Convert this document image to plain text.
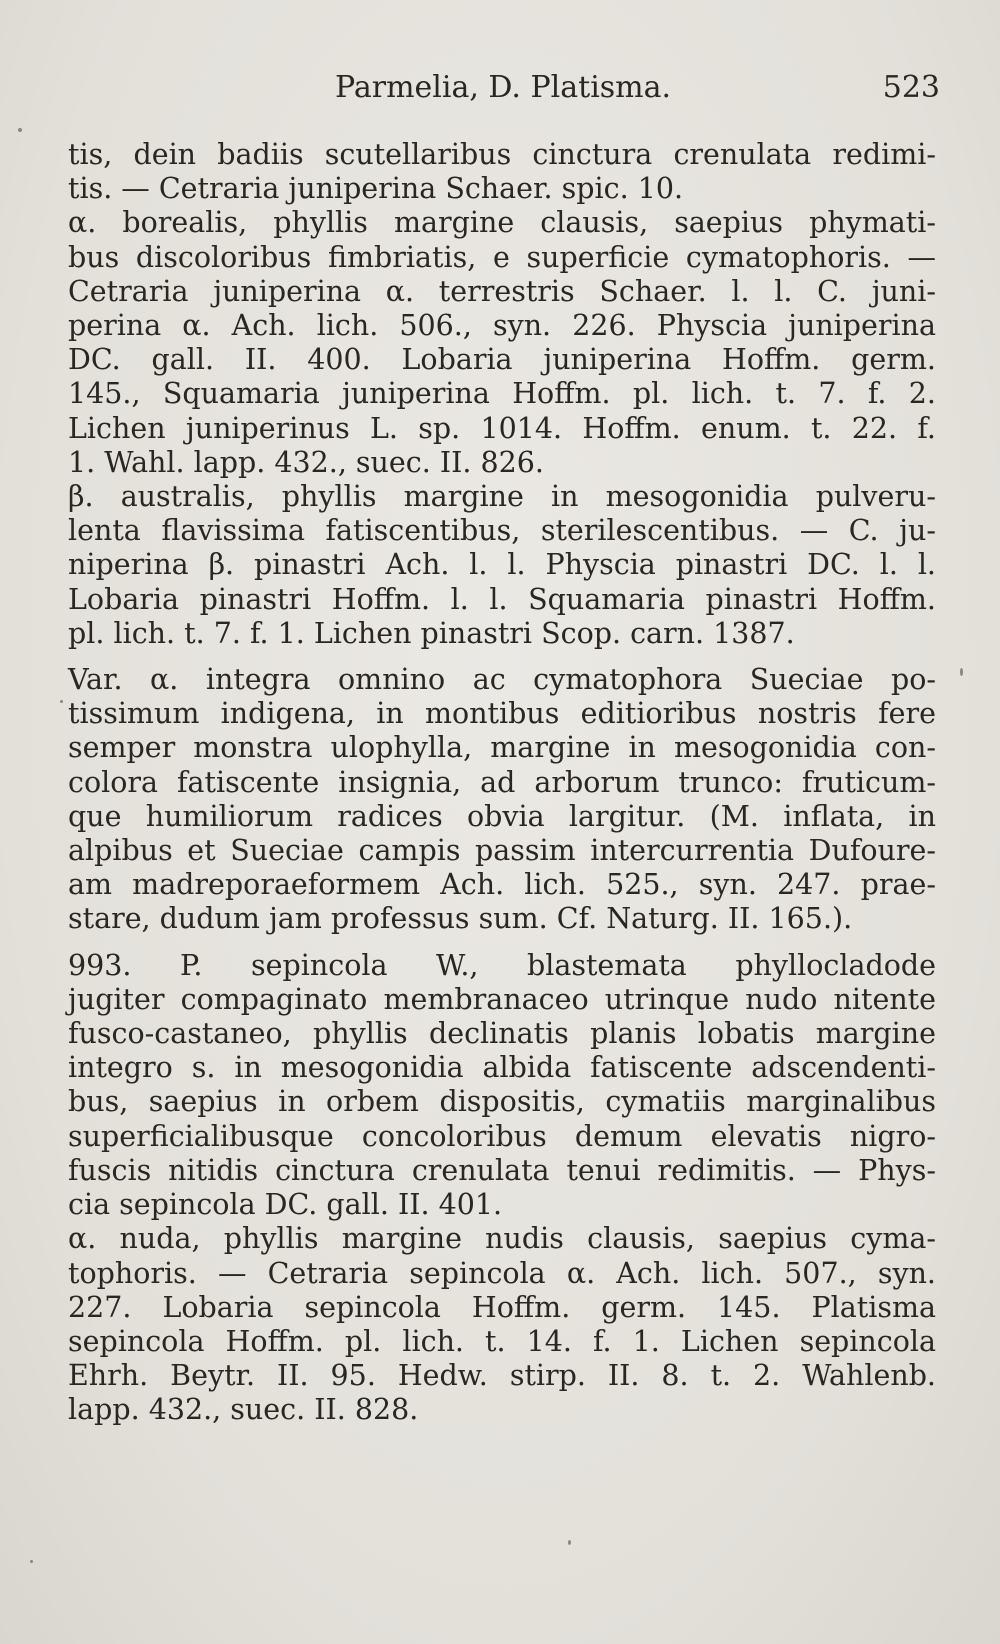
Parmelia, D. Platisma.	523
tis, dein badiis scutellaribus cinctura crenulata redimi-
tis. — Cetraria juniperina Schaer. spic. 10.
α. borealis, phyllis margine clausis, saepius phymati-
bus discoloribus fimbriatis, e superficie cymatophoris. —
Cetraria juniperina α. terrestris Schaer. l. l. C. juni-
perina α. Ach. lich. 506., syn. 226. Physcia juniperina
DC. gall. II. 400. Lobaria juniperina Hoffm. germ.
145., Squamaria juniperina Hoffm. pl. lich. t. 7. f. 2.
Lichen juniperinus L. sp. 1014. Hoffm. enum. t. 22. f.
1. Wahl. lapp. 432., suec. II. 826.
β. australis, phyllis margine in mesogonidia pulveru-
lenta flavissima fatiscentibus, sterilescentibus. — C. ju-
niperina β. pinastri Ach. l. l. Physcia pinastri DC. l. l.
Lobaria pinastri Hoffm. l. l. Squamaria pinastri Hoffm.
pl. lich. t. 7. f. 1. Lichen pinastri Scop. carn. 1387.
Var. α. integra omnino ac cymatophora Sueciae po-
tissimum indigena, in montibus editioribus nostris fere
semper monstra ulophylla, margine in mesogonidia con-
colora fatiscente insignia, ad arborum trunco: fruticum-
que humiliorum radices obvia largitur. (M. inflata, in
alpibus et Sueciae campis passim intercurrentia Dufoure-
am madreporaeformem Ach. lich. 525., syn. 247. prae-
stare, dudum jam professus sum. Cf. Naturg. II. 165.).
993. P. sepincola W., blastemata phyllocladode
jugiter compaginato membranaceo utrinque nudo nitente
fusco-castaneo, phyllis declinatis planis lobatis margine
integro s. in mesogonidia albida fatiscente adscendenti-
bus, saepius in orbem dispositis, cymatiis marginalibus
superficialibusque concoloribus demum elevatis nigro-
fuscis nitidis cinctura crenulata tenui redimitis. — Phys-
cia sepincola DC. gall. II. 401.
α. nuda, phyllis margine nudis clausis, saepius cyma-
tophoris. — Cetraria sepincola α. Ach. lich. 507., syn.
227. Lobaria sepincola Hoffm. germ. 145. Platisma
sepincola Hoffm. pl. lich. t. 14. f. 1. Lichen sepincola
Ehrh. Beytr. II. 95. Hedw. stirp. II. 8. t. 2. Wahlenb.
lapp. 432., suec. II. 828.
